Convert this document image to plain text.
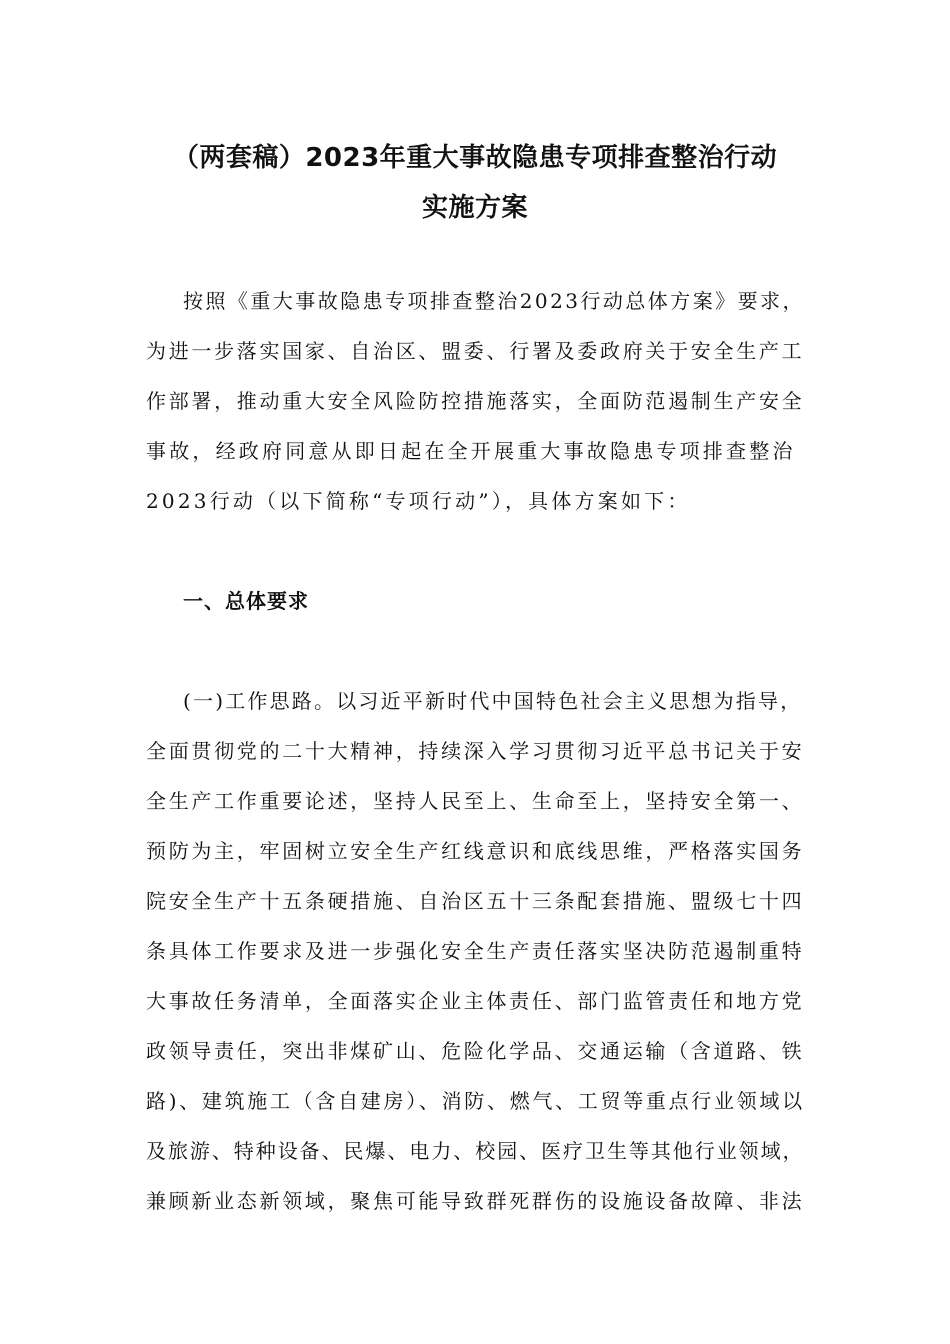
（两套稿）2023年重大事故隐患专项排查整治行动
实施方案
按照《重大事故隐患专项排查整治2023行动总体方案》要求，
为进一步落实国家、自治区、盟委、行署及委政府关于安全生产工
作部署，推动重大安全风险防控措施落实，全面防范遏制生产安全
事故，经政府同意从即日起在全开展重大事故隐患专项排查整治
2023行动（以下简称“专项行动”），具体方案如下：
一、总体要求
(一)工作思路。以习近平新时代中国特色社会主义思想为指导，
全面贯彻党的二十大精神，持续深入学习贯彻习近平总书记关于安
全生产工作重要论述，坚持人民至上、生命至上，坚持安全第一、
预防为主，牢固树立安全生产红线意识和底线思维，严格落实国务
院安全生产十五条硬措施、自治区五十三条配套措施、盟级七十四
条具体工作要求及进一步强化安全生产责任落实坚决防范遏制重特
大事故任务清单，全面落实企业主体责任、部门监管责任和地方党
政领导责任，突出非煤矿山、危险化学品、交通运输（含道路、铁
路)、建筑施工（含自建房）、消防、燃气、工贸等重点行业领域以
及旅游、特种设备、民爆、电力、校园、医疗卫生等其他行业领域，
兼顾新业态新领域，聚焦可能导致群死群伤的设施设备故障、非法
